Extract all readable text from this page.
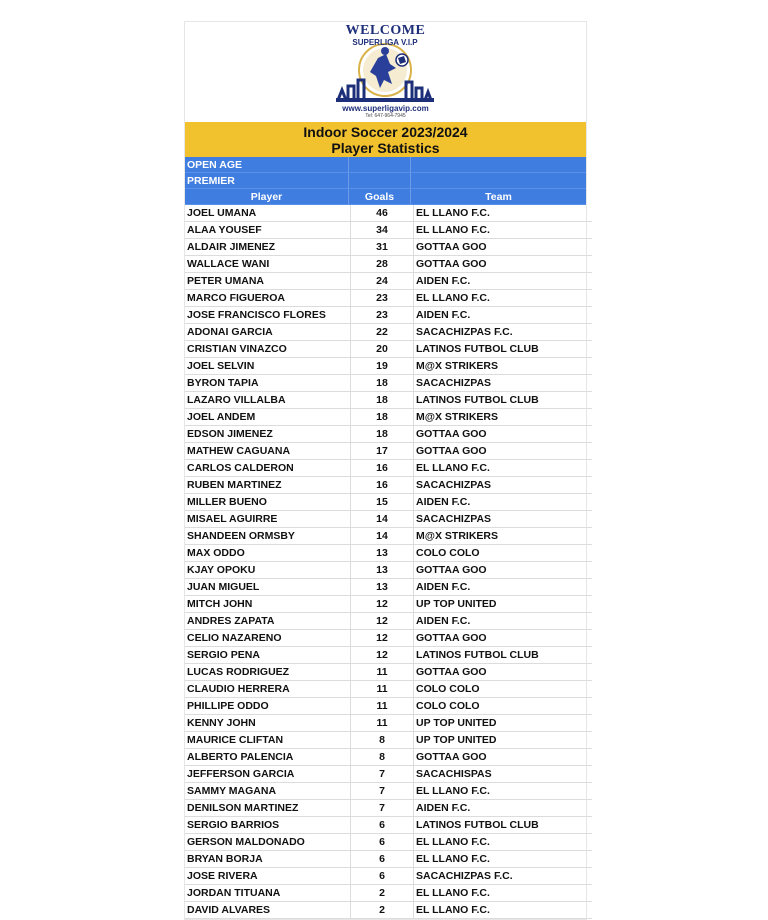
WELCOME
SUPERLIGA V.I.P
www.superligavip.com
Tel: 647-964-7945
Indoor Soccer 2023/2024
Player Statistics
OPEN AGE
PREMIER
Player	Goals	Team
JOEL UMANA	46	EL LLANO F.C.
ALAA YOUSEF	34	EL LLANO F.C.
ALDAIR JIMENEZ	31	GOTTAA GOO
WALLACE WANI	28	GOTTAA GOO
PETER UMANA	24	AIDEN F.C.
MARCO FIGUEROA	23	EL LLANO F.C.
JOSE FRANCISCO FLORES	23	AIDEN F.C.
ADONAI GARCIA	22	SACACHIZPAS F.C.
CRISTIAN VINAZCO	20	LATINOS FUTBOL CLUB
JOEL SELVIN	19	M@X STRIKERS
BYRON TAPIA	18	SACACHIZPAS
LAZARO VILLALBA	18	LATINOS FUTBOL CLUB
JOEL ANDEM	18	M@X STRIKERS
EDSON JIMENEZ	18	GOTTAA GOO
MATHEW CAGUANA	17	GOTTAA GOO
CARLOS CALDERON	16	EL LLANO F.C.
RUBEN MARTINEZ	16	SACACHIZPAS
MILLER BUENO	15	AIDEN F.C.
MISAEL AGUIRRE	14	SACACHIZPAS
SHANDEEN ORMSBY	14	M@X STRIKERS
MAX ODDO	13	COLO COLO
KJAY OPOKU	13	GOTTAA GOO
JUAN MIGUEL	13	AIDEN F.C.
MITCH JOHN	12	UP TOP UNITED
ANDRES ZAPATA	12	AIDEN F.C.
CELIO NAZARENO	12	GOTTAA GOO
SERGIO PENA	12	LATINOS FUTBOL CLUB
LUCAS RODRIGUEZ	11	GOTTAA GOO
CLAUDIO HERRERA	11	COLO COLO
PHILLIPE ODDO	11	COLO COLO
KENNY JOHN	11	UP TOP UNITED
MAURICE CLIFTAN	8	UP TOP UNITED
ALBERTO PALENCIA	8	GOTTAA GOO
JEFFERSON GARCIA	7	SACACHISPAS
SAMMY MAGANA	7	EL LLANO F.C.
DENILSON MARTINEZ	7	AIDEN F.C.
SERGIO BARRIOS	6	LATINOS FUTBOL CLUB
GERSON MALDONADO	6	EL LLANO F.C.
BRYAN BORJA	6	EL LLANO F.C.
JOSE RIVERA	6	SACACHIZPAS F.C.
JORDAN TITUANA	2	EL LLANO F.C.
DAVID ALVARES	2	EL LLANO F.C.
